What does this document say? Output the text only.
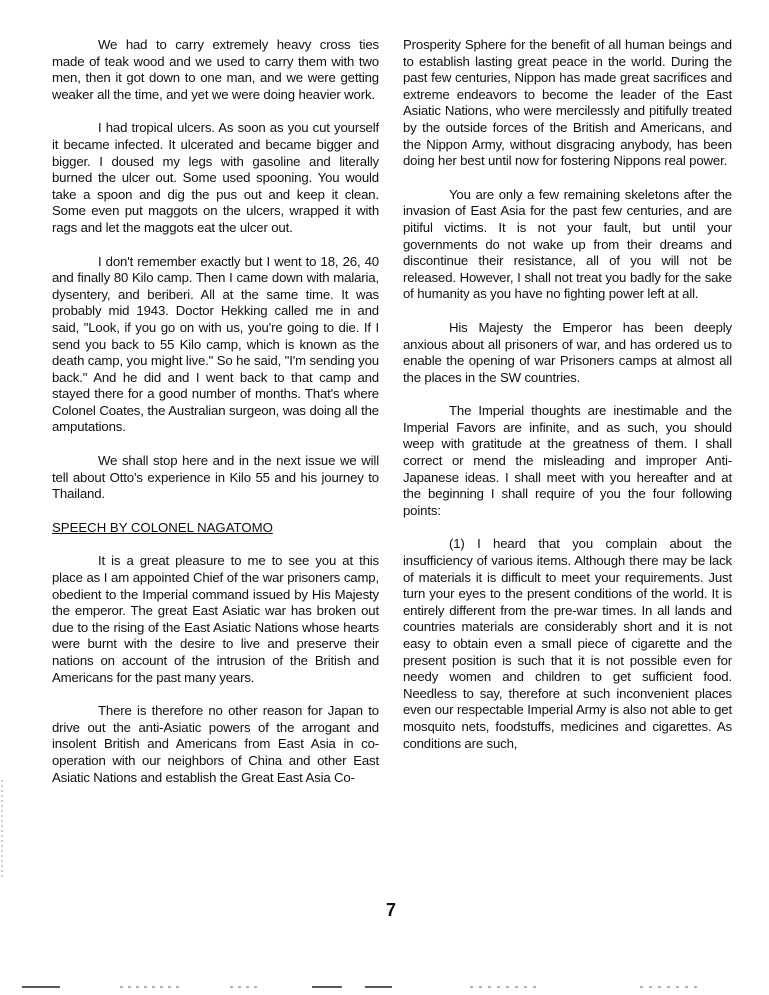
We had to carry extremely heavy cross ties made of teak wood and we used to carry them with two men, then it got down to one man, and we were getting weaker all the time, and yet we were doing heavier work.

I had tropical ulcers. As soon as you cut yourself it became infected. It ulcerated and became bigger and bigger. I doused my legs with gasoline and literally burned the ulcer out. Some used spooning. You would take a spoon and dig the pus out and keep it clean. Some even put maggots on the ulcers, wrapped it with rags and let the maggots eat the ulcer out.

I don't remember exactly but I went to 18, 26, 40 and finally 80 Kilo camp. Then I came down with malaria, dysentery, and beriberi. All at the same time. It was probably mid 1943. Doctor Hekking called me in and said, "Look, if you go on with us, you're going to die. If I send you back to 55 Kilo camp, which is known as the death camp, you might live." So he said, "I'm sending you back." And he did and I went back to that camp and stayed there for a good number of months. That's where Colonel Coates, the Australian surgeon, was doing all the amputations.

We shall stop here and in the next issue we will tell about Otto's experience in Kilo 55 and his journey to Thailand.

SPEECH BY COLONEL NAGATOMO

It is a great pleasure to me to see you at this place as I am appointed Chief of the war prisoners camp, obedient to the Imperial command issued by His Majesty the emperor. The great East Asiatic war has broken out due to the rising of the East Asiatic Nations whose hearts were burnt with the desire to live and preserve their nations on account of the intrusion of the British and Americans for the past many years.

There is therefore no other reason for Japan to drive out the anti-Asiatic powers of the arrogant and insolent British and Americans from East Asia in co-operation with our neighbors of China and other East Asiatic Nations and establish the Great East Asia Co-

Prosperity Sphere for the benefit of all human beings and to establish lasting great peace in the world. During the past few centuries, Nippon has made great sacrifices and extreme endeavors to become the leader of the East Asiatic Nations, who were mercilessly and pitifully treated by the outside forces of the British and Americans, and the Nippon Army, without disgracing anybody, has been doing her best until now for fostering Nippons real power.

You are only a few remaining skeletons after the invasion of East Asia for the past few centuries, and are pitiful victims. It is not your fault, but until your governments do not wake up from their dreams and discontinue their resistance, all of you will not be released. However, I shall not treat you badly for the sake of humanity as you have no fighting power left at all.

His Majesty the Emperor has been deeply anxious about all prisoners of war, and has ordered us to enable the opening of war Prisoners camps at almost all the places in the SW countries.

The Imperial thoughts are inestimable and the Imperial Favors are infinite, and as such, you should weep with gratitude at the greatness of them. I shall correct or mend the misleading and improper Anti-Japanese ideas. I shall meet with you hereafter and at the beginning I shall require of you the four following points:

(1) I heard that you complain about the insufficiency of various items. Although there may be lack of materials it is difficult to meet your requirements. Just turn your eyes to the present conditions of the world. It is entirely different from the pre-war times. In all lands and countries materials are considerably short and it is not easy to obtain even a small piece of cigarette and the present position is such that it is not possible even for needy women and children to get sufficient food. Needless to say, therefore at such inconvenient places even our respectable Imperial Army is also not able to get mosquito nets, foodstuffs, medicines and cigarettes. As conditions are such,

7
